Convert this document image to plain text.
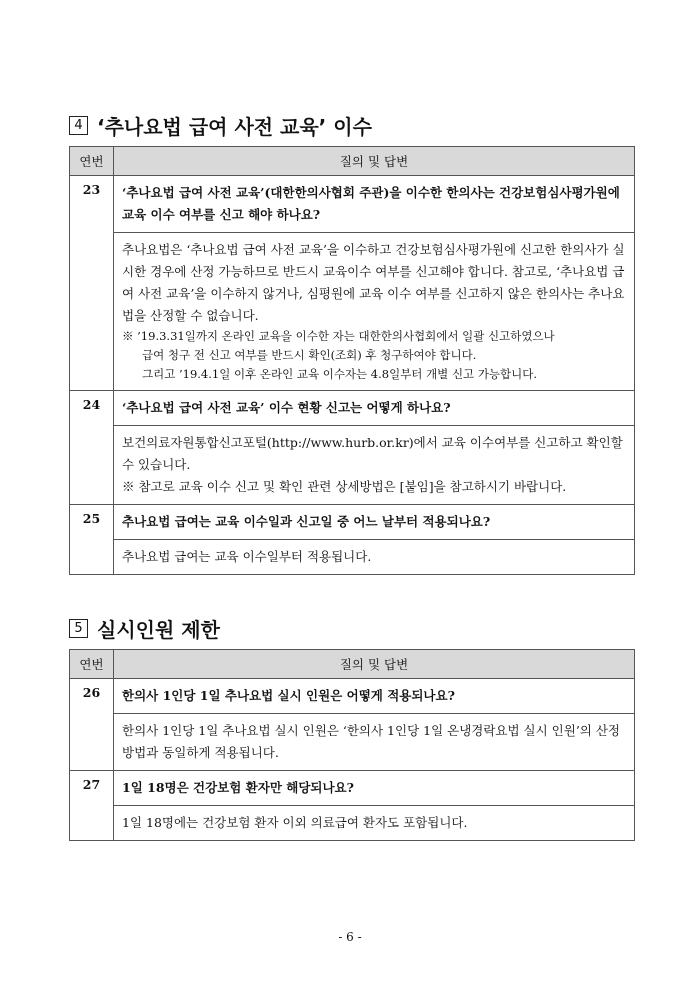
4 ‘추나요법 급여 사전 교육’ 이수
연번	질의 및 답변
23	‘추나요법 급여 사전 교육’(대한한의사협회 주관)을 이수한 한의사는 건강보험심사평가원에 교육 이수 여부를 신고 해야 하나요?

	추나요법은 ‘추나요법 급여 사전 교육’을 이수하고 건강보험심사평가원에 신고한 한의사가 실시한 경우에 산정 가능하므로 반드시 교육이수 여부를 신고해야 합니다. 참고로, ‘추나요법 급여 사전 교육’을 이수하지 않거나, 심평원에 교육 이수 여부를 신고하지 않은 한의사는 추나요법을 산정할 수 없습니다.
※ ’19.3.31일까지 온라인 교육을 이수한 자는 대한한의사협회에서 일괄 신고하였으나
급여 청구 전 신고 여부를 반드시 확인(조회) 후 청구하여야 합니다.
그리고 ’19.4.1일 이후 온라인 교육 이수자는 4.8일부터 개별 신고 가능합니다.

24	‘추나요법 급여 사전 교육’ 이수 현황 신고는 어떻게 하나요?

	보건의료자원통합신고포털(http://www.hurb.or.kr)에서 교육 이수여부를 신고하고 확인할 수 있습니다.
※ 참고로 교육 이수 신고 및 확인 관련 상세방법은 [붙임]을 참고하시기 바랍니다.

25	추나요법 급여는 교육 이수일과 신고일 중 어느 날부터 적용되나요?
	추나요법 급여는 교육 이수일부터 적용됩니다.
5 실시인원 제한
연번	질의 및 답변
26	한의사 1인당 1일 추나요법 실시 인원은 어떻게 적용되나요?
	한의사 1인당 1일 추나요법 실시 인원은 ‘한의사 1인당 1일 온냉경락요법 실시 인원’의 산정방법과 동일하게 적용됩니다.
27	1일 18명은 건강보험 환자만 해당되나요?
	1일 18명에는 건강보험 환자 이외 의료급여 환자도 포함됩니다.
- 6 -
